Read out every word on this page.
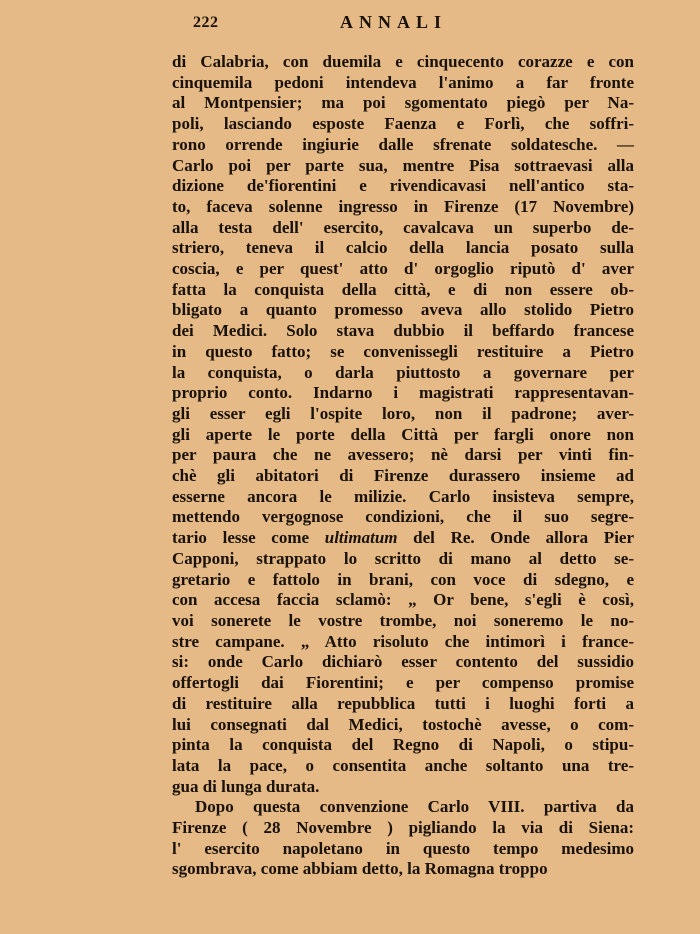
222	ANNALI
di Calabria, con duemila e cinquecento corazze e con
cinquemila pedoni intendeva l'animo a far fronte
al Montpensier; ma poi sgomentato piegò per Na-
poli, lasciando esposte Faenza e Forlì, che soffri-
rono orrende ingiurie dalle sfrenate soldatesche. —
Carlo poi per parte sua, mentre Pisa sottraevasi alla
dizione de'fiorentini e rivendicavasi nell'antico sta-
to, faceva solenne ingresso in Firenze (17 Novembre)
alla testa dell' esercito, cavalcava un superbo de-
striero, teneva il calcio della lancia posato sulla
coscia, e per quest' atto d' orgoglio riputò d' aver
fatta la conquista della città, e di non essere ob-
bligato a quanto promesso aveva allo stolido Pietro
dei Medici. Solo stava dubbio il beffardo francese
in questo fatto; se convenissegli restituire a Pietro
la conquista, o darla piuttosto a governare per
proprio conto. Indarno i magistrati rappresentavan-
gli esser egli l'ospite loro, non il padrone; aver-
gli aperte le porte della Città per fargli onore non
per paura che ne avessero; nè darsi per vinti fin-
chè gli abitatori di Firenze durassero insieme ad
esserne ancora le milizie. Carlo insisteva sempre,
mettendo vergognose condizioni, che il suo segre-
tario lesse come ultimatum del Re. Onde allora Pier
Capponi, strappato lo scritto di mano al detto se-
gretario e fattolo in brani, con voce di sdegno, e
con accesa faccia sclamò: „ Or bene, s'egli è così,
voi sonerete le vostre trombe, noi soneremo le no-
stre campane. „ Atto risoluto che intimorì i france-
si: onde Carlo dichiarò esser contento del sussidio
offertogli dai Fiorentini; e per compenso promise
di restituire alla repubblica tutti i luoghi forti a
lui consegnati dal Medici, tostochè avesse, o com-
pinta la conquista del Regno di Napoli, o stipu-
lata la pace, o consentita anche soltanto una tre-
gua di lunga durata.
Dopo questa convenzione Carlo VIII. partiva da
Firenze ( 28 Novembre ) pigliando la via di Siena:
l' esercito napoletano in questo tempo medesimo
sgombrava, come abbiam detto, la Romagna troppo
